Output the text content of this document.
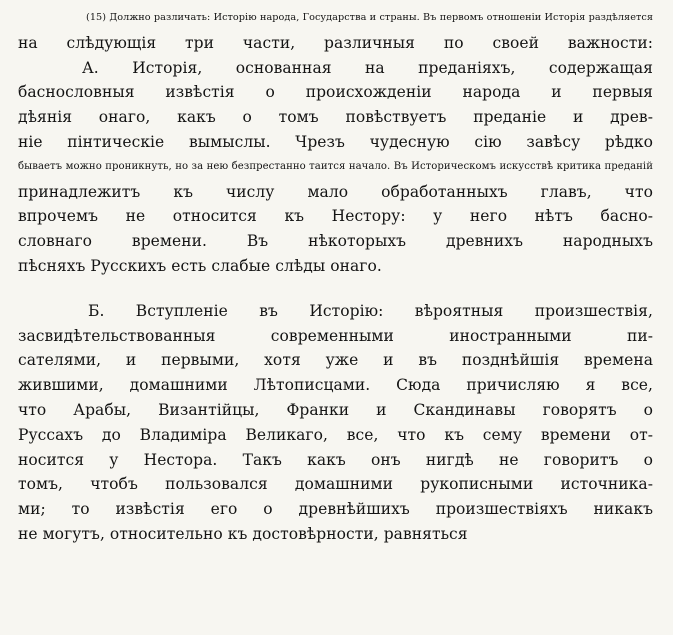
(15) Должно различать: Исторію народа, Государства и страны. Въ первомъ отношеніи Исторія раздѣляется
на слѣдующія три части, различныя по своей важности:
А. Исторія, основанная на преданіяхъ, содержащая
баснословныя извѣстія о происхожденіи народа и первыя
дѣянія онаго, какъ о томъ повѣствуетъ преданіе и древ-
ніе пінтическіе вымыслы. Чрезъ чудесную сію завѣсу рѣдко
бываетъ можно проникнуть, но за нею безпрестанно таится начало. Въ Историческомъ искусствѣ критика преданій
принадлежитъ къ числу мало обработанныхъ главъ, что
впрочемъ не относится къ Нестору: у него нѣтъ басно-
словнаго времени. Въ нѣкоторыхъ древнихъ народныхъ
пѣсняхъ Русскихъ есть слабые слѣды онаго.
Б. Вступленіе въ Исторію: вѣроятныя произшествія,
засвидѣтельствованныя современными иностранными пи-
сателями, и первыми, хотя уже и въ позднѣйшія времена
жившими, домашними Лѣтописцами. Сюда причисляю я все,
что Арабы, Византійцы, Франки и Скандинавы говорятъ о
Руссахъ до Владиміра Великаго, все, что къ сему времени от-
носится у Нестора. Такъ какъ онъ нигдѣ не говоритъ о
томъ, чтобъ пользовался домашними рукописными источника-
ми; то извѣстія его о древнѣйшихъ произшествіяхъ никакъ
не могутъ, относительно къ достовѣрности, равняться
